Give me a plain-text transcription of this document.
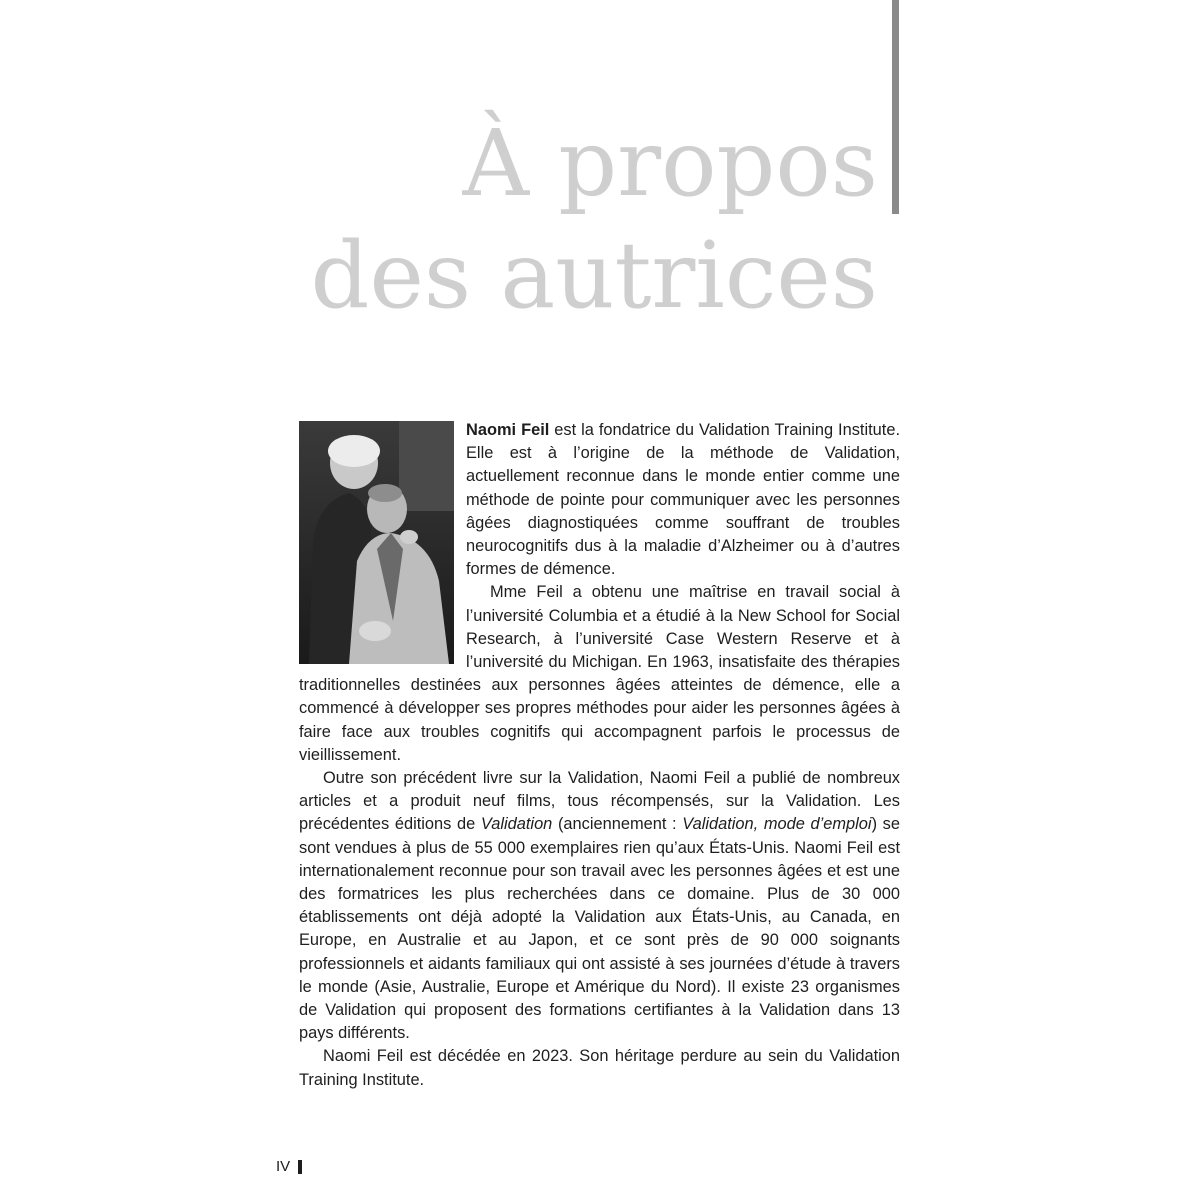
À propos
des autrices

Naomi Feil est la fondatrice du Validation Training Institute. Elle est à l’origine de la méthode de Validation, actuellement reconnue dans le monde entier comme une méthode de pointe pour communiquer avec les personnes âgées diagnostiquées comme souffrant de troubles neurocognitifs dus à la maladie d’Alzheimer ou à d’autres formes de démence.

Mme Feil a obtenu une maîtrise en travail social à l’université Columbia et a étudié à la New School for Social Research, à l’université Case Western Reserve et à l’université du Michigan. En 1963, insatisfaite des thérapies traditionnelles destinées aux personnes âgées atteintes de démence, elle a commencé à développer ses propres méthodes pour aider les personnes âgées à faire face aux troubles cognitifs qui accompagnent parfois le processus de vieillissement.

Outre son précédent livre sur la Validation, Naomi Feil a publié de nombreux articles et a produit neuf films, tous récompensés, sur la Validation. Les précédentes éditions de Validation (anciennement : Validation, mode d’emploi) se sont vendues à plus de 55 000 exemplaires rien qu’aux États-Unis. Naomi Feil est internationalement reconnue pour son travail avec les personnes âgées et est une des formatrices les plus recherchées dans ce domaine. Plus de 30 000 établissements ont déjà adopté la Validation aux États-Unis, au Canada, en Europe, en Australie et au Japon, et ce sont près de 90 000 soignants professionnels et aidants familiaux qui ont assisté à ses journées d’étude à travers le monde (Asie, Australie, Europe et Amérique du Nord). Il existe 23 organismes de Validation qui proposent des formations certifiantes à la Validation dans 13 pays différents.

Naomi Feil est décédée en 2023. Son héritage perdure au sein du Validation Training Institute.

IV
